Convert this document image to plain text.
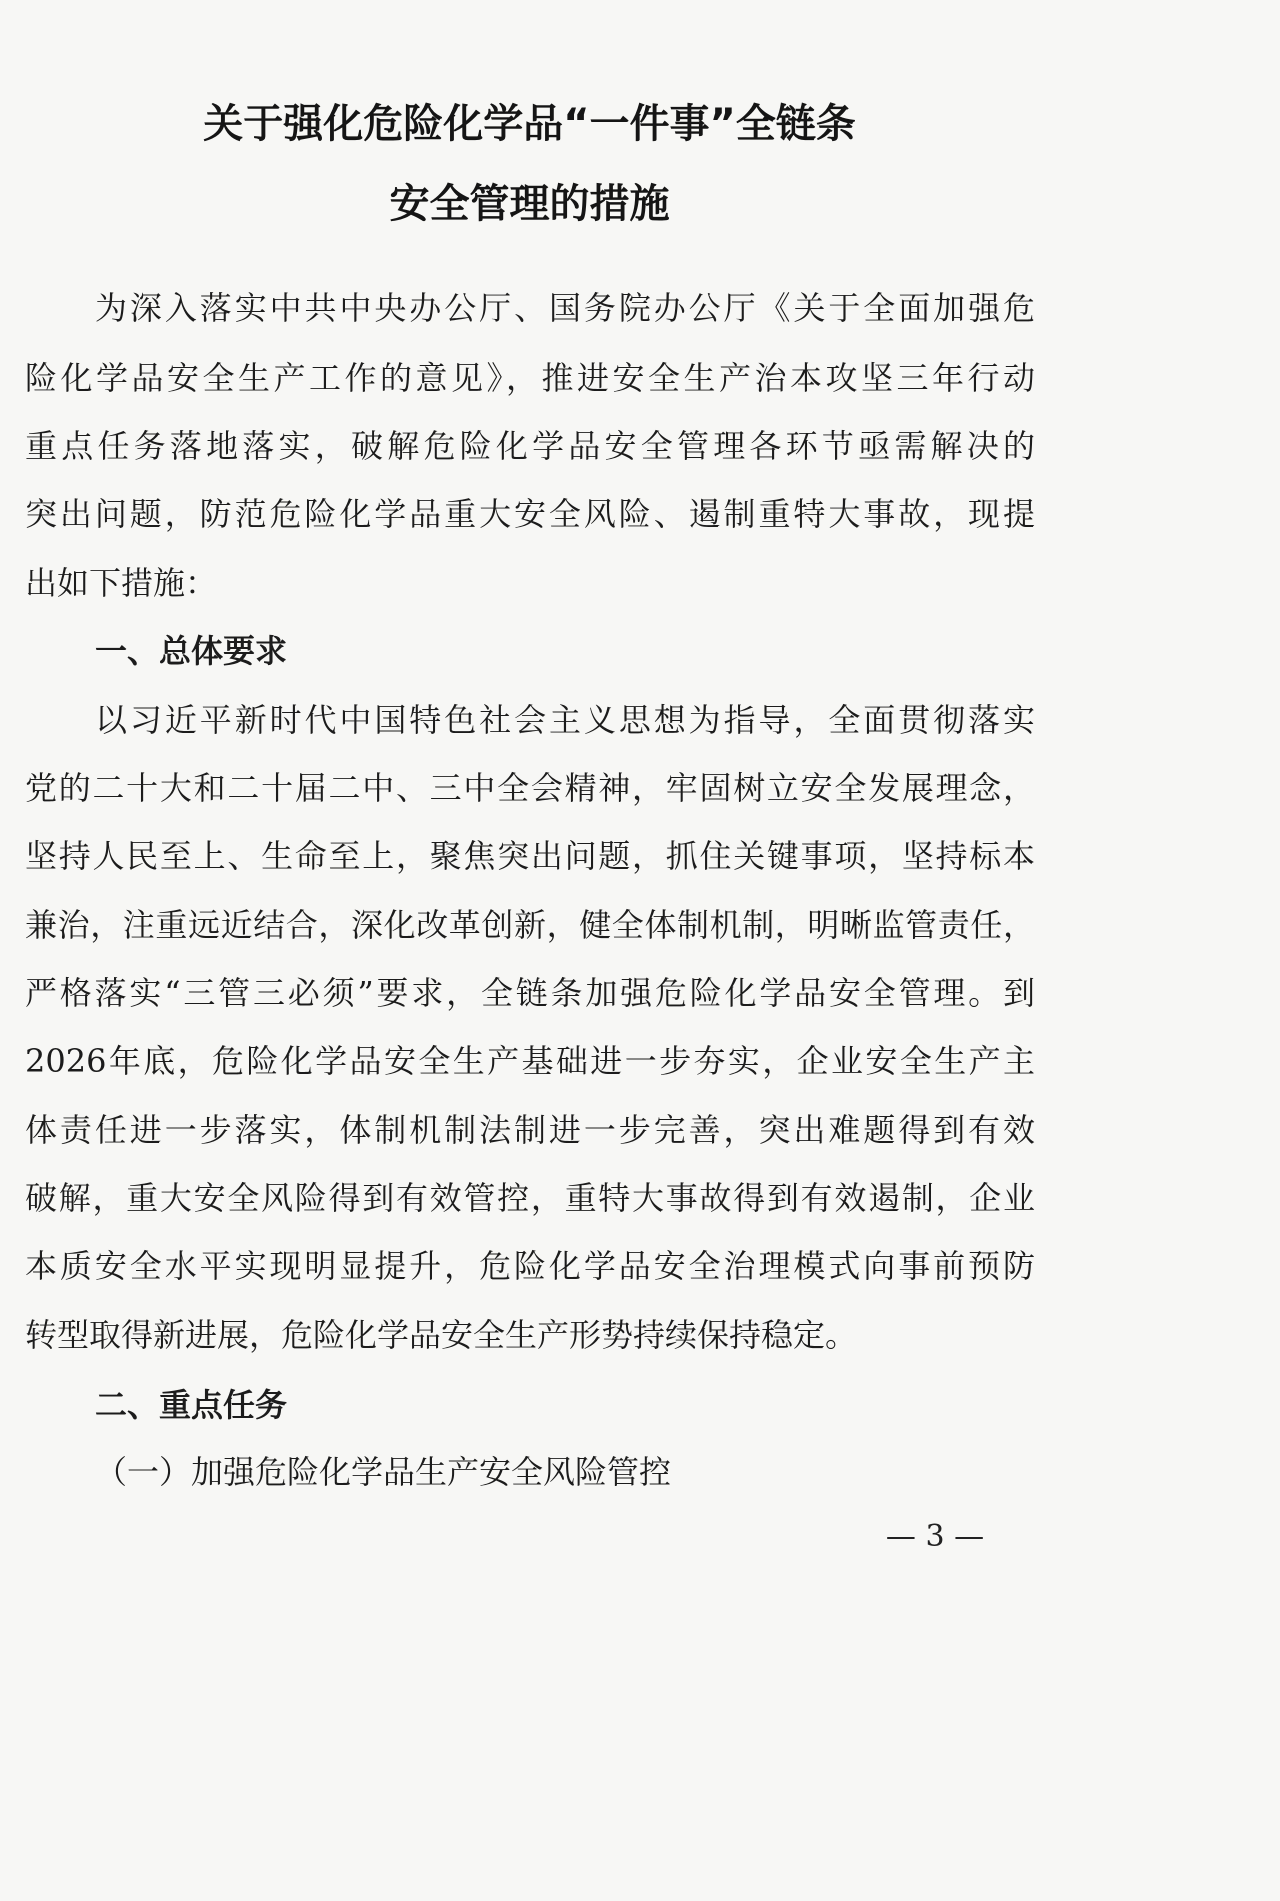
关于强化危险化学品“一件事”全链条
安全管理的措施
为深入落实中共中央办公厅、国务院办公厅《关于全面加强危
险化学品安全生产工作的意见》，推进安全生产治本攻坚三年行动
重点任务落地落实，破解危险化学品安全管理各环节亟需解决的
突出问题，防范危险化学品重大安全风险、遏制重特大事故，现提
出如下措施：
一、总体要求
以习近平新时代中国特色社会主义思想为指导，全面贯彻落实
党的二十大和二十届二中、三中全会精神，牢固树立安全发展理念，
坚持人民至上、生命至上，聚焦突出问题，抓住关键事项，坚持标本
兼治，注重远近结合，深化改革创新，健全体制机制，明晰监管责任，
严格落实“三管三必须”要求，全链条加强危险化学品安全管理。到
2026年底，危险化学品安全生产基础进一步夯实，企业安全生产主
体责任进一步落实，体制机制法制进一步完善，突出难题得到有效
破解，重大安全风险得到有效管控，重特大事故得到有效遏制，企业
本质安全水平实现明显提升，危险化学品安全治理模式向事前预防
转型取得新进展，危险化学品安全生产形势持续保持稳定。
二、重点任务
（一）加强危险化学品生产安全风险管控
— 3 —
